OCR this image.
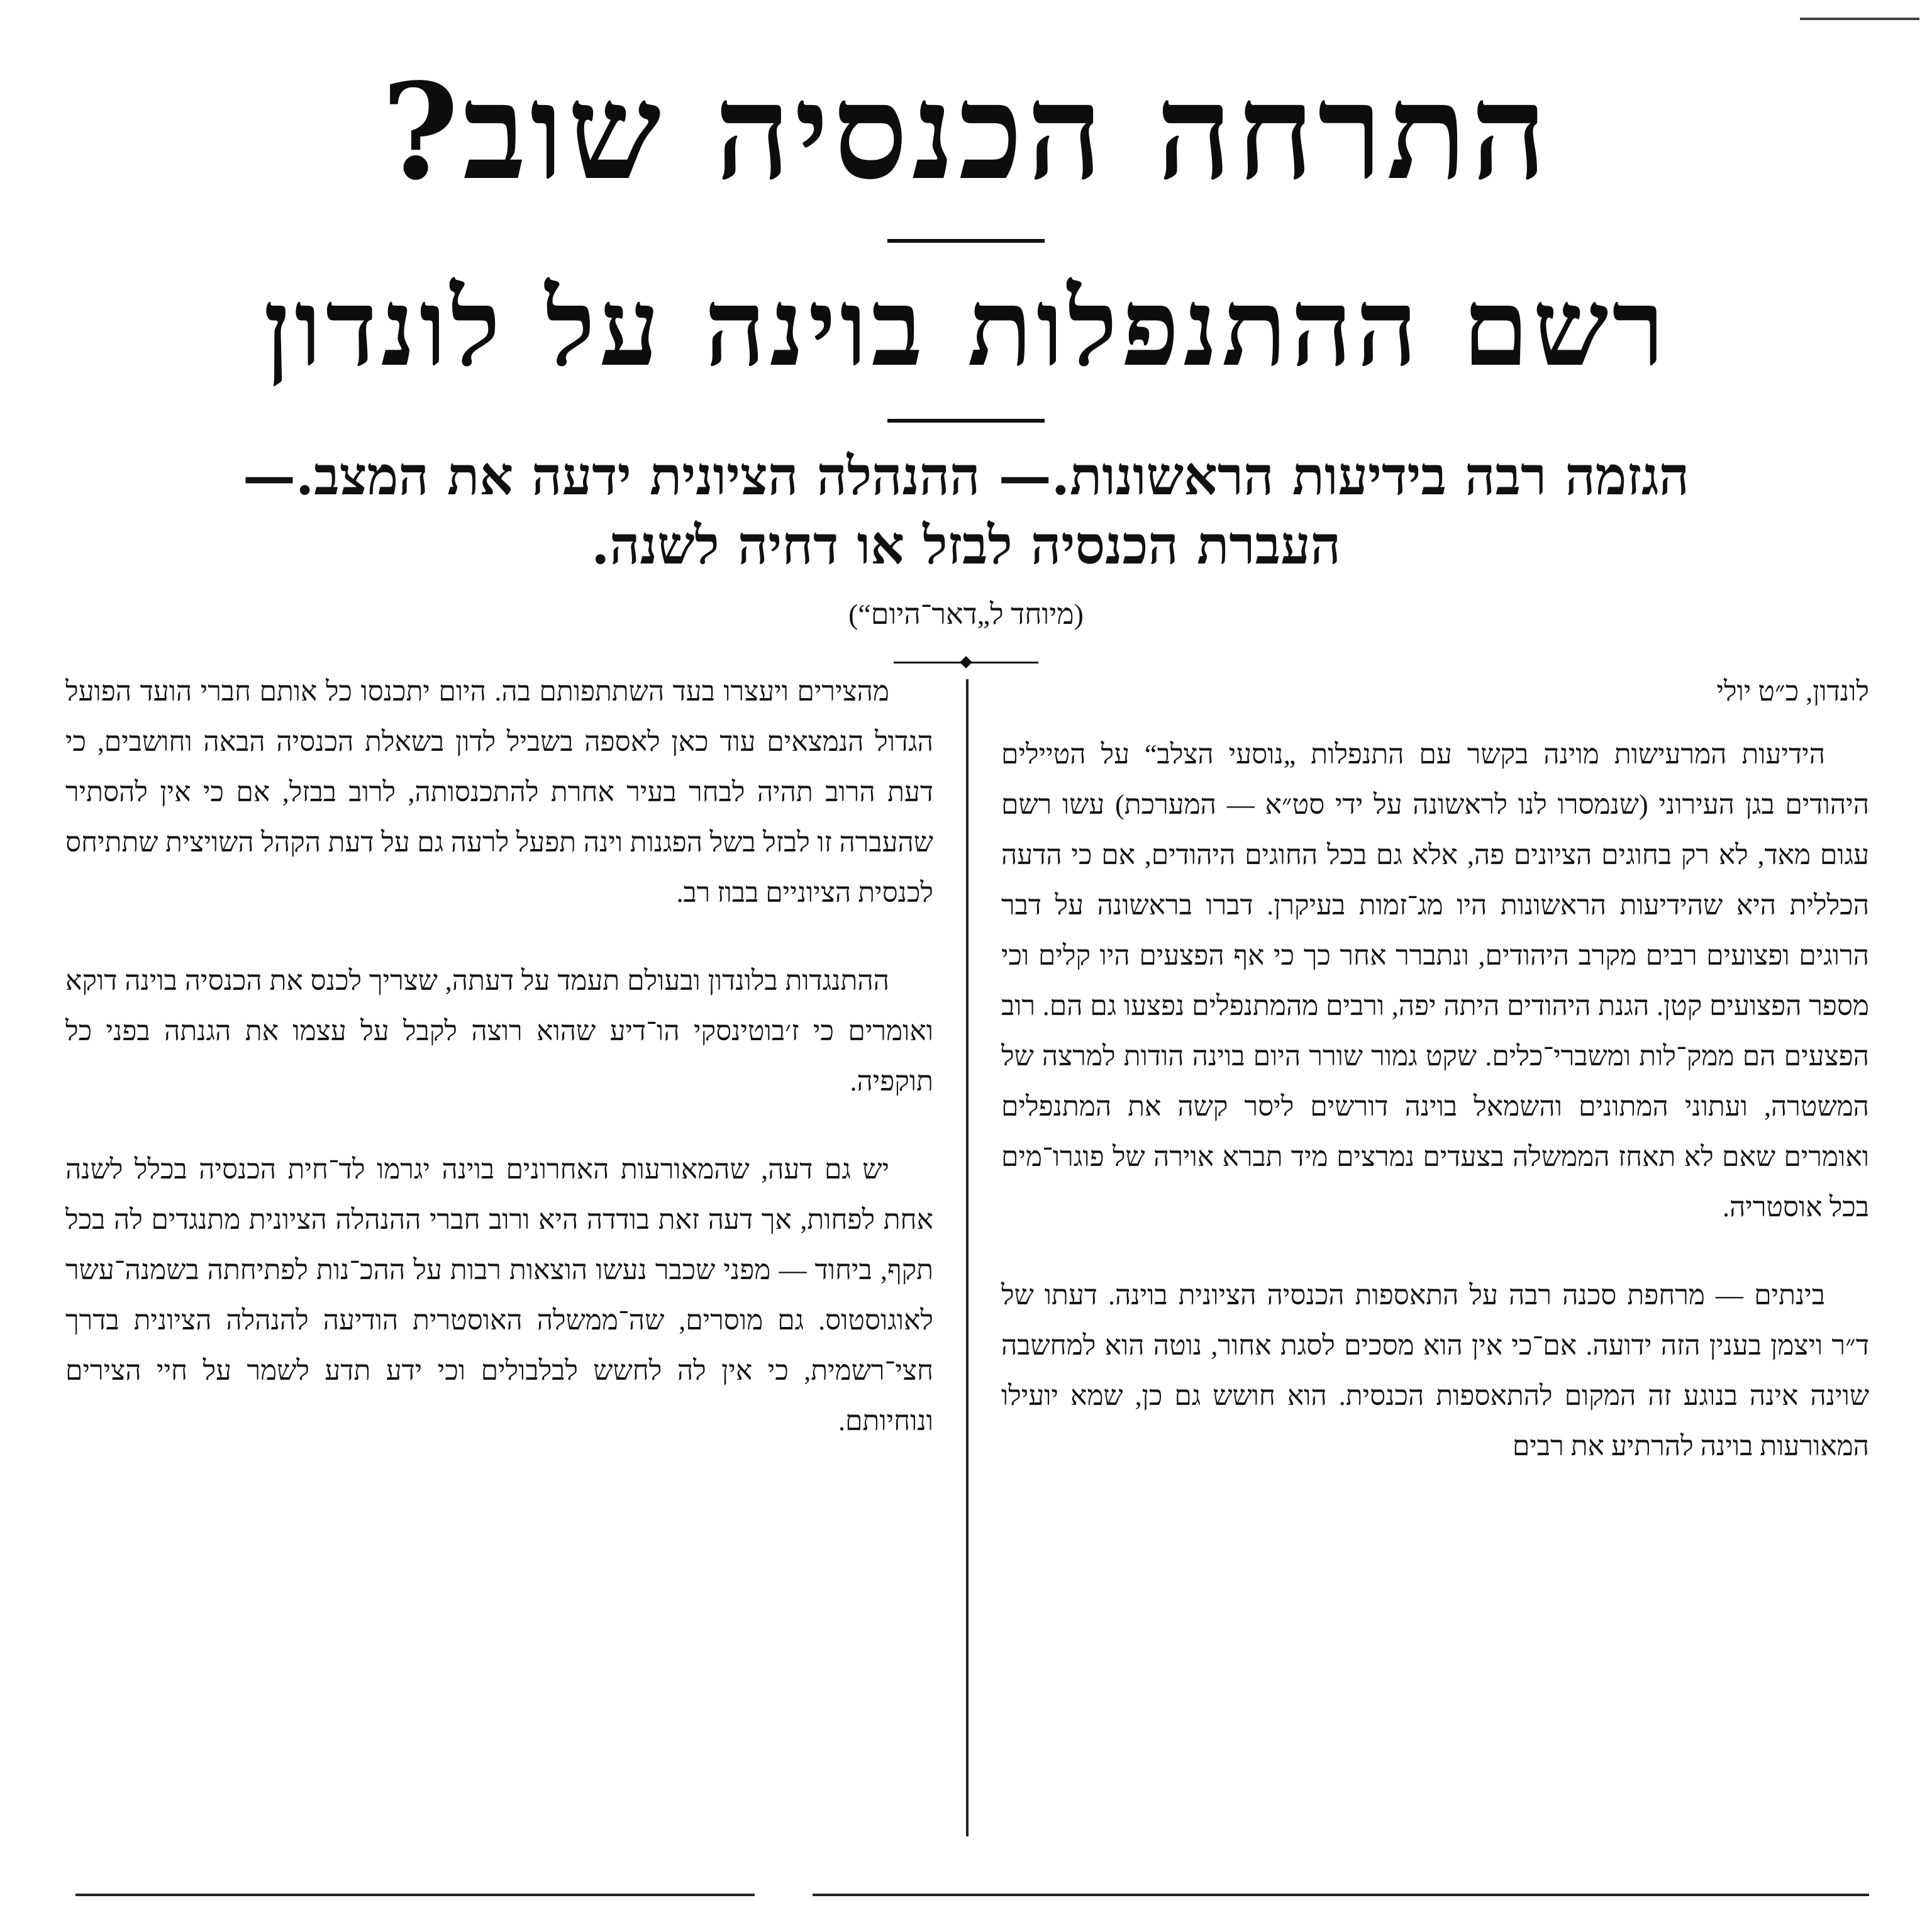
התרחה הכנסיה שוב?
רשם ההתנפלות בוינה על לונדון
הגזמה רבה בידיעות הראשונות.— ההנהלה הציונית ידעה את המצב.—
העברת הכנסיה לבזל או דחיה לשנה.
(מיוחד ל„דאר־היום“)
לונדון, כ״ט יולי

הידיעות המרעישות מוינה בקשר עם התנפלות „נוסעי הצלב“ על הטיילים היהודים בגן העירוני (שנמסרו לנו לראשונה על ידי סט״א — המערכת) עשו רשם עגום מאד, לא רק בחוגים הציונים פה, אלא גם בכל החוגים היהודים, אם כי הדעה הכללית היא שהידיעות הראשונות היו מג־זמות בעיקרן. דברו בראשונה על דבר הרוגים ופצועים רבים מקרב היהודים, ונתברר אחר כך כי אף הפצעים היו קלים וכי מספר הפצועים קטן. הגנת היהודים היתה יפה, ורבים מהמתנפלים נפצעו גם הם. רוב הפצעים הם ממק־לות ומשברי־כלים. שקט גמור שורר היום בוינה הודות למרצה של המשטרה, ועתוני המתונים והשמאל בוינה דורשים ליסר קשה את המתנפלים ואומרים שאם לא תאחז הממשלה בצעדים נמרצים מיד תברא אוירה של פוגרו־מים בכל אוסטריה.

בינתים — מרחפת סכנה רבה על התאספות הכנסיה הציונית בוינה. דעתו של ד״ר ויצמן בענין הזה ידועה. אם־כי אין הוא מסכים לסגת אחור, נוטה הוא למחשבה שוינה אינה בנוגע זה המקום להתאספות הכנסית. הוא חושש גם כן, שמא יועילו המאורעות בוינה להרתיע את רבים

מהצירים ויעצרו בעד השתתפותם בה. היום יתכנסו כל אותם חברי הועד הפועל הגדול הנמצאים עוד כאן לאספה בשביל לדון בשאלת הכנסיה הבאה וחושבים, כי דעת הרוב תהיה לבחר בעיר אחרת להתכנסותה, לרוב בבזל, אם כי אין להסתיר שהעברה זו לבזל בשל הפגנות וינה תפעל לרעה גם על דעת הקהל השויצית שתתיחס לכנסית הציוניים בבוז רב.

ההתנגדות בלונדון ובעולם תעמד על דעתה, שצריך לכנס את הכנסיה בוינה דוקא ואומרים כי ז׳בוטינסקי הו־דיע שהוא רוצה לקבל על עצמו את הגנתה בפני כל תוקפיה.

יש גם דעה, שהמאורעות האחרונים בוינה יגרמו לד־חית הכנסיה בכלל לשנה אחת לפחות, אך דעה זאת בודדה היא ורוב חברי ההנהלה הציונית מתנגדים לה בכל תקף, ביחוד — מפני שכבר נעשו הוצאות רבות על ההכ־נות לפתיחתה בשמנה־עשר לאוגוסטוס. גם מוסרים, שה־ממשלה האוסטרית הודיעה להנהלה הציונית בדרך חצי־רשמית, כי אין לה לחשש לבלבולים וכי ידע תדע לשמר על חיי הצירים ונוחיותם.
